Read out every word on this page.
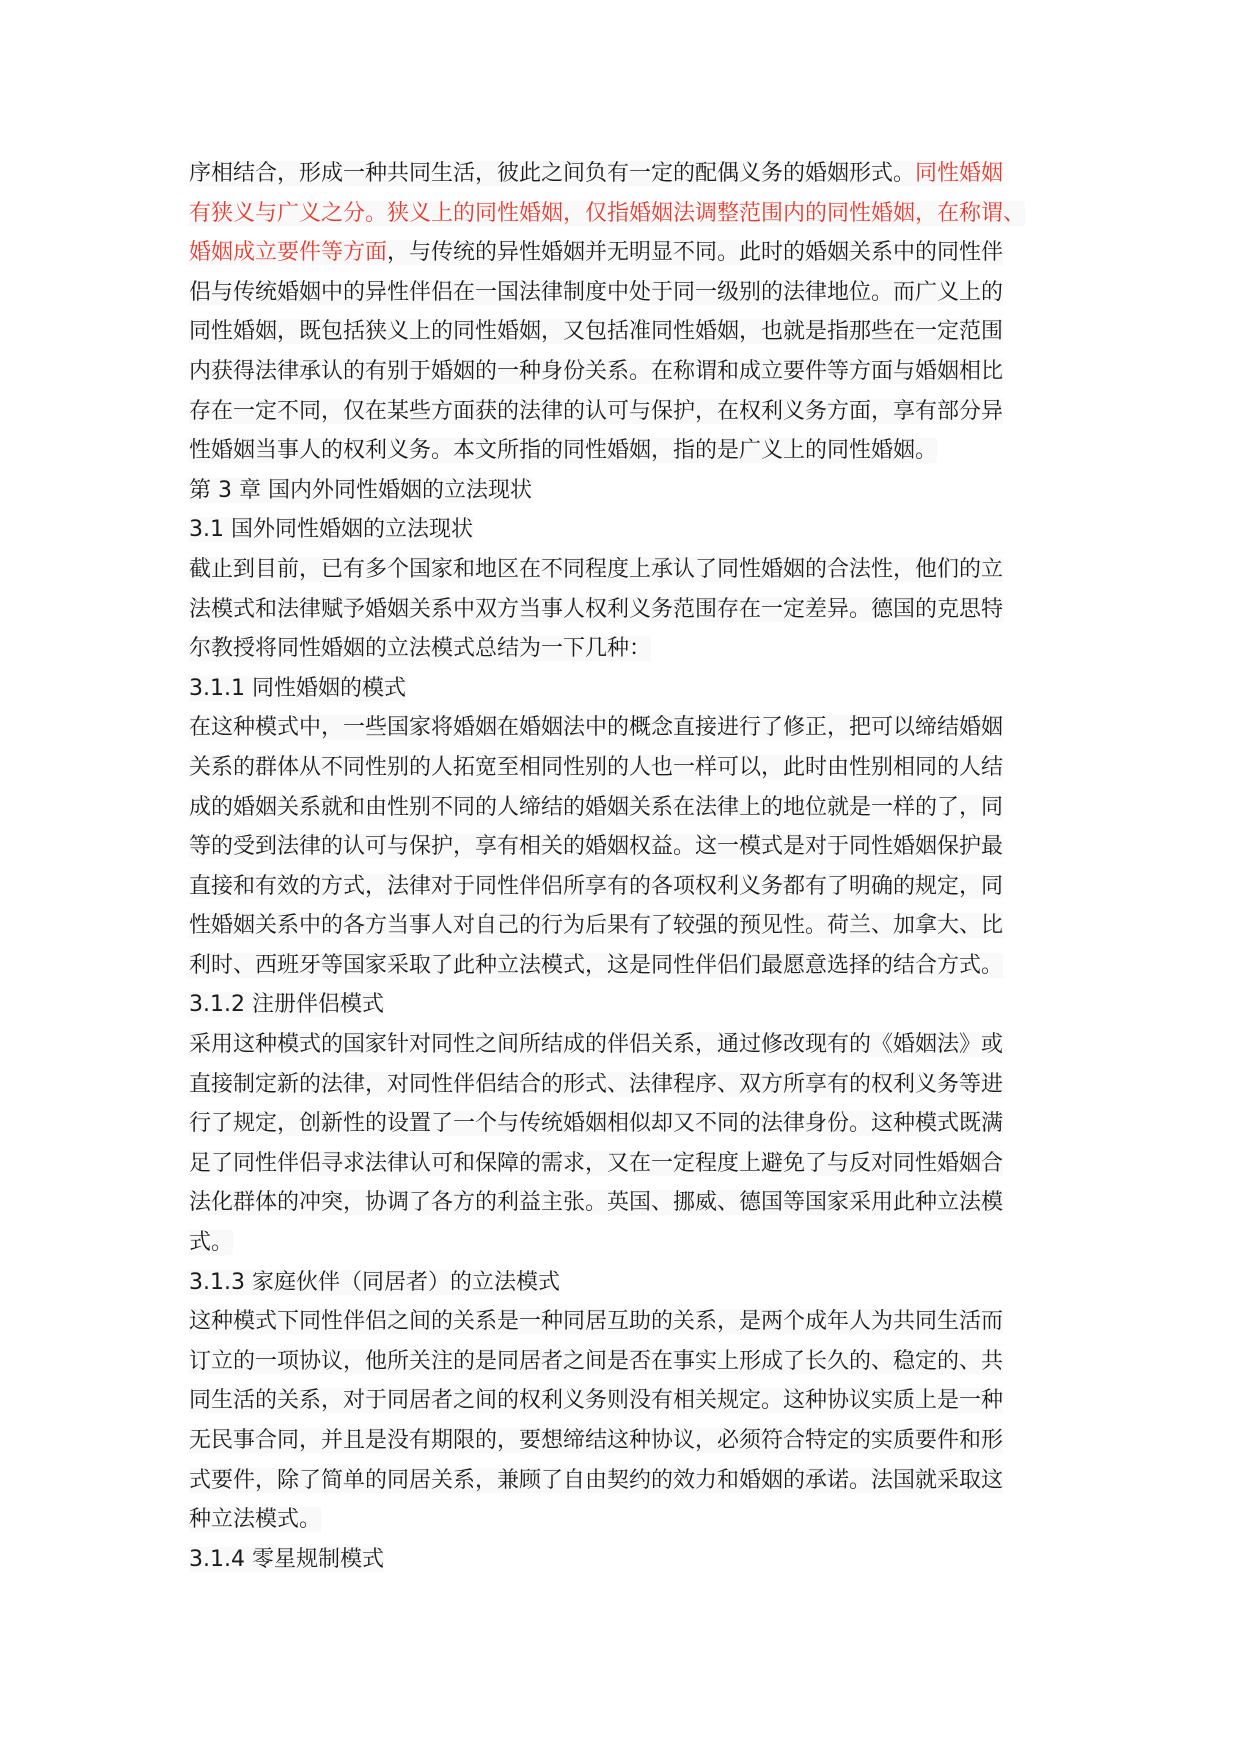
序相结合，形成一种共同生活，彼此之间负有一定的配偶义务的婚姻形式。同性婚姻
有狭义与广义之分。狭义上的同性婚姻，仅指婚姻法调整范围内的同性婚姻，在称谓、
婚姻成立要件等方面，与传统的异性婚姻并无明显不同。此时的婚姻关系中的同性伴
侣与传统婚姻中的异性伴侣在一国法律制度中处于同一级别的法律地位。而广义上的
同性婚姻，既包括狭义上的同性婚姻，又包括准同性婚姻，也就是指那些在一定范围
内获得法律承认的有别于婚姻的一种身份关系。在称谓和成立要件等方面与婚姻相比
存在一定不同，仅在某些方面获的法律的认可与保护，在权利义务方面，享有部分异
性婚姻当事人的权利义务。本文所指的同性婚姻，指的是广义上的同性婚姻。
第 3 章 国内外同性婚姻的立法现状
3.1 国外同性婚姻的立法现状
截止到目前，已有多个国家和地区在不同程度上承认了同性婚姻的合法性，他们的立
法模式和法律赋予婚姻关系中双方当事人权利义务范围存在一定差异。德国的克思特
尔教授将同性婚姻的立法模式总结为一下几种：
3.1.1 同性婚姻的模式
在这种模式中，一些国家将婚姻在婚姻法中的概念直接进行了修正，把可以缔结婚姻
关系的群体从不同性别的人拓宽至相同性别的人也一样可以，此时由性别相同的人结
成的婚姻关系就和由性别不同的人缔结的婚姻关系在法律上的地位就是一样的了，同
等的受到法律的认可与保护，享有相关的婚姻权益。这一模式是对于同性婚姻保护最
直接和有效的方式，法律对于同性伴侣所享有的各项权利义务都有了明确的规定，同
性婚姻关系中的各方当事人对自己的行为后果有了较强的预见性。荷兰、加拿大、比
利时、西班牙等国家采取了此种立法模式，这是同性伴侣们最愿意选择的结合方式。
3.1.2 注册伴侣模式
采用这种模式的国家针对同性之间所结成的伴侣关系，通过修改现有的《婚姻法》或
直接制定新的法律，对同性伴侣结合的形式、法律程序、双方所享有的权利义务等进
行了规定，创新性的设置了一个与传统婚姻相似却又不同的法律身份。这种模式既满
足了同性伴侣寻求法律认可和保障的需求，又在一定程度上避免了与反对同性婚姻合
法化群体的冲突，协调了各方的利益主张。英国、挪威、德国等国家采用此种立法模
式。
3.1.3 家庭伙伴（同居者）的立法模式
这种模式下同性伴侣之间的关系是一种同居互助的关系，是两个成年人为共同生活而
订立的一项协议，他所关注的是同居者之间是否在事实上形成了长久的、稳定的、共
同生活的关系，对于同居者之间的权利义务则没有相关规定。这种协议实质上是一种
无民事合同，并且是没有期限的，要想缔结这种协议，必须符合特定的实质要件和形
式要件，除了简单的同居关系，兼顾了自由契约的效力和婚姻的承诺。法国就采取这
种立法模式。
3.1.4 零星规制模式
